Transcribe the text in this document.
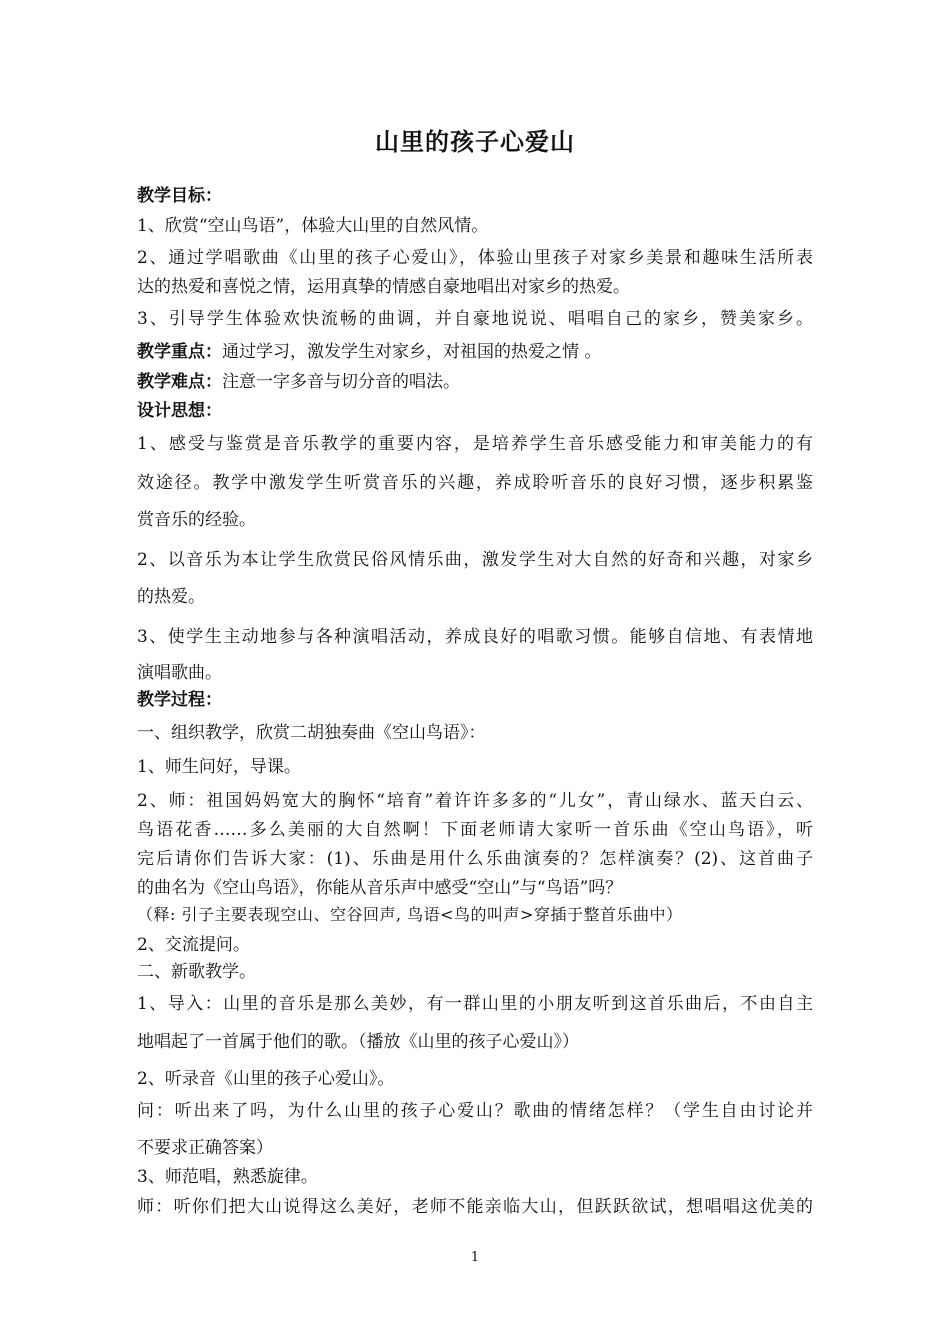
山里的孩子心爱山
教学目标：
1、欣赏“空山鸟语”，体验大山里的自然风情。
2、通过学唱歌曲《山里的孩子心爱山》，体验山里孩子对家乡美景和趣味生活所表
达的热爱和喜悦之情，运用真挚的情感自豪地唱出对家乡的热爱。
3、引导学生体验欢快流畅的曲调，并自豪地说说、唱唱自己的家乡，赞美家乡。
教学重点：通过学习，激发学生对家乡，对祖国的热爱之情 。
教学难点：注意一字多音与切分音的唱法。
设计思想：
1、感受与鉴赏是音乐教学的重要内容，是培养学生音乐感受能力和审美能力的有
效途径。教学中激发学生听赏音乐的兴趣，养成聆听音乐的良好习惯，逐步积累鉴
赏音乐的经验。
2、以音乐为本让学生欣赏民俗风情乐曲，激发学生对大自然的好奇和兴趣，对家乡
的热爱。
3、使学生主动地参与各种演唱活动，养成良好的唱歌习惯。能够自信地、有表情地
演唱歌曲。
教学过程：
一、组织教学，欣赏二胡独奏曲《空山鸟语》：
1、师生问好，导课。
2、师：祖国妈妈宽大的胸怀“培育”着许许多多的“儿女”，青山绿水、蓝天白云、
鸟语花香……多么美丽的大自然啊！下面老师请大家听一首乐曲《空山鸟语》，听
完后请你们告诉大家：(1)、乐曲是用什么乐曲演奏的？怎样演奏？(2)、这首曲子
的曲名为《空山鸟语》，你能从音乐声中感受“空山”与“鸟语”吗？
（释: 引子主要表现空山、空谷回声, 鸟语<鸟的叫声>穿插于整首乐曲中）
2、交流提问。
二、新歌教学。
1、导入：山里的音乐是那么美妙，有一群山里的小朋友听到这首乐曲后，不由自主
地唱起了一首属于他们的歌。（播放《山里的孩子心爱山》）
2、听录音《山里的孩子心爱山》。
问：听出来了吗，为什么山里的孩子心爱山？歌曲的情绪怎样？（学生自由讨论并
不要求正确答案）
3、师范唱，熟悉旋律。
师：听你们把大山说得这么美好，老师不能亲临大山，但跃跃欲试，想唱唱这优美的
1
